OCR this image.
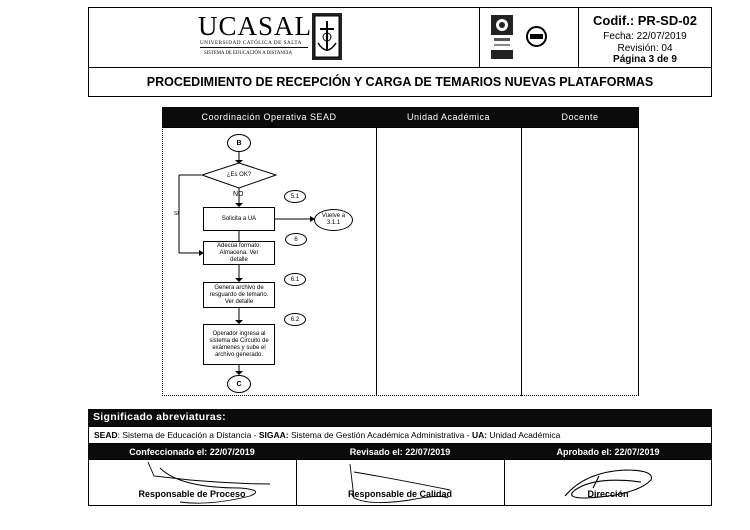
UCASAL
UNIVERSIDAD CATÓLICA DE SALTA
SISTEMA DE EDUCACIÓN A DISTANCIA
Codif.: PR-SD-02
Fecha: 22/07/2019
Revisión: 04
Página 3 de 9
PROCEDIMIENTO DE RECEPCIÓN Y CARGA DE TEMARIOS NUEVAS PLATAFORMAS
Coordinación Operativa SEAD	Unidad Académica	Docente
B
¿Es OK?
NO
SI
5.1
Solicita a UA	Vuelve a 3.1.1
6
Adecúa formato. Almacena. Ver detalle
6.1
Genera archivo de resguardo de temario. Ver detalle
6.2
Operador ingresa al sistema de Circuito de exámenes y sube el archivo generado.
C
Significado abreviaturas:
SEAD: Sistema de Educación a Distancia - SIGAA: Sistema de Gestión Académica Administrativa - UA: Unidad Académica
Confeccionado el: 22/07/2019	Revisado el: 22/07/2019	Aprobado el: 22/07/2019
Responsable de Proceso	Responsable de Calidad	Dirección
